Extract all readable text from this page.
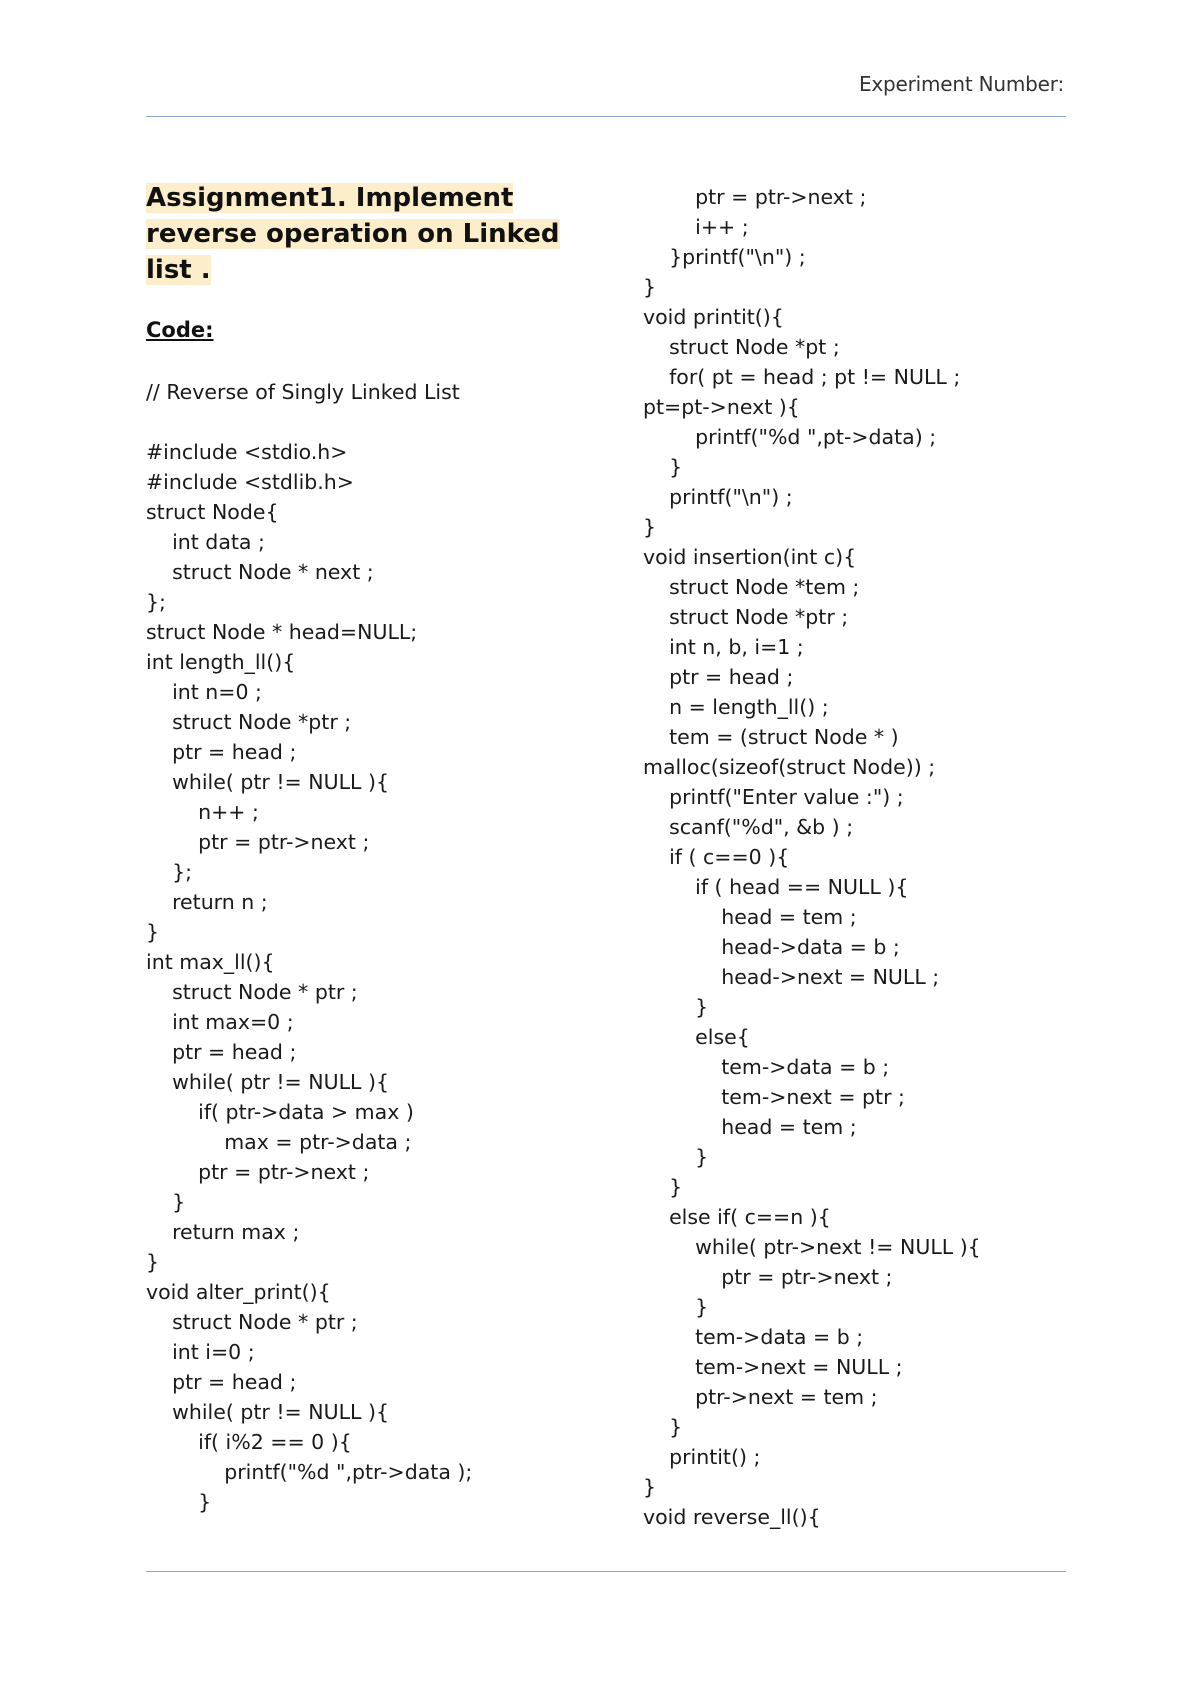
Experiment Number:
Assignment1. Implement reverse operation on Linked list .
Code:
// Reverse of Singly Linked List
#include <stdio.h>
#include <stdlib.h>
struct Node{
int data ;
struct Node * next ;
};
struct Node * head=NULL;
int length_ll(){
int n=0 ;
struct Node *ptr ;
ptr = head ;
while( ptr != NULL ){
n++ ;
ptr = ptr->next ;
};
return n ;
}
int max_ll(){
struct Node * ptr ;
int max=0 ;
ptr = head ;
while( ptr != NULL ){
if( ptr->data > max )
max = ptr->data ;
ptr = ptr->next ;
}
return max ;
}
void alter_print(){
struct Node * ptr ;
int i=0 ;
ptr = head ;
while( ptr != NULL ){
if( i%2 == 0 ){
printf("%d ",ptr->data );
}
ptr = ptr->next ;
i++ ;
}printf("\n") ;
}
void printit(){
struct Node *pt ;
for( pt = head ; pt != NULL ;
pt=pt->next ){
printf("%d ",pt->data) ;
}
printf("\n") ;
}
void insertion(int c){
struct Node *tem ;
struct Node *ptr ;
int n, b, i=1 ;
ptr = head ;
n = length_ll() ;
tem = (struct Node * )
malloc(sizeof(struct Node)) ;
printf("Enter value :") ;
scanf("%d", &b ) ;
if ( c==0 ){
if ( head == NULL ){
head = tem ;
head->data = b ;
head->next = NULL ;
}
else{
tem->data = b ;
tem->next = ptr ;
head = tem ;
}
}
else if( c==n ){
while( ptr->next != NULL ){
ptr = ptr->next ;
}
tem->data = b ;
tem->next = NULL ;
ptr->next = tem ;
}
printit() ;
}
void reverse_ll(){
